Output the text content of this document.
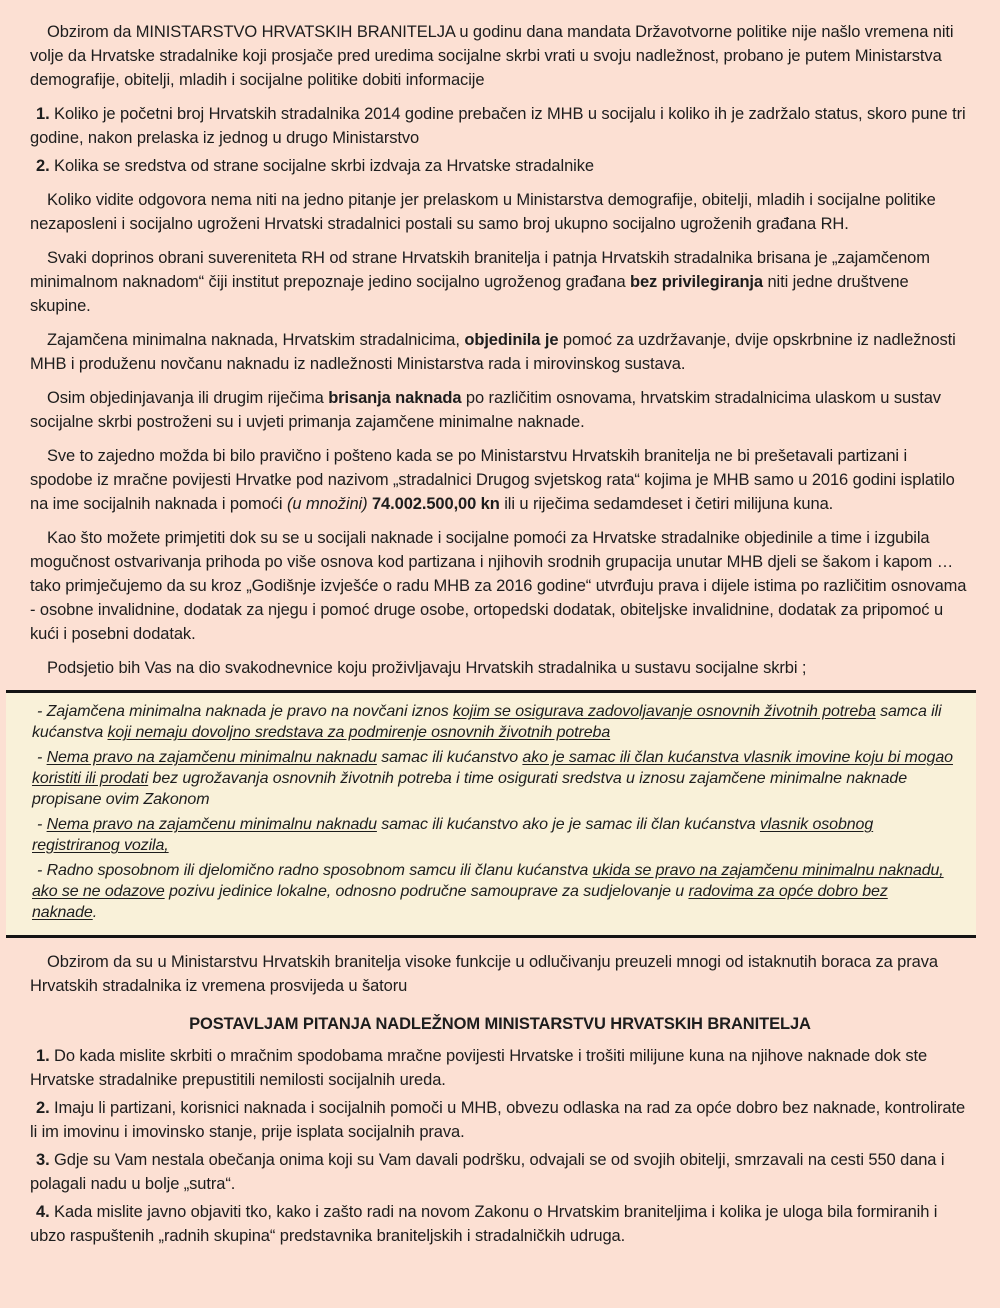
Obzirom da MINISTARSTVO HRVATSKIH BRANITELJA u godinu dana mandata Državotvorne politike nije našlo vremena niti volje da Hrvatske stradalnike koji prosjače pred uredima socijalne skrbi vrati u svoju nadležnost, probano je putem Ministarstva demografije, obitelji, mladih i socijalne politike dobiti informacije

1. Koliko je početni broj Hrvatskih stradalnika 2014 godine prebačen iz MHB u socijalu i koliko ih je zadržalo status, skoro pune tri godine, nakon prelaska iz jednog u drugo Ministarstvo

2. Kolika se sredstva od strane socijalne skrbi izdvaja za Hrvatske stradalnike

Koliko vidite odgovora nema niti na jedno pitanje jer prelaskom u Ministarstva demografije, obitelji, mladih i socijalne politike nezaposleni i socijalno ugroženi Hrvatski stradalnici postali su samo broj ukupno socijalno ugroženih građana RH.

Svaki doprinos obrani suvereniteta RH od strane Hrvatskih branitelja i patnja Hrvatskih stradalnika brisana je „zajamčenom minimalnom naknadom“ čiji institut prepoznaje jedino socijalno ugroženog građana bez privilegiranja niti jedne društvene skupine.

Zajamčena minimalna naknada, Hrvatskim stradalnicima, objedinila je pomoć za uzdržavanje, dvije opskrbnine iz nadležnosti MHB i produženu novčanu naknadu iz nadležnosti Ministarstva rada i mirovinskog sustava.

Osim objedinjavanja ili drugim riječima brisanja naknada po različitim osnovama, hrvatskim stradalnicima ulaskom u sustav socijalne skrbi postroženi su i uvjeti primanja zajamčene minimalne naknade.

Sve to zajedno možda bi bilo pravično i pošteno kada se po Ministarstvu Hrvatskih branitelja ne bi prešetavali partizani i spodobe iz mračne povijesti Hrvatke pod nazivom „stradalnici Drugog svjetskog rata“ kojima je MHB samo u 2016 godini isplatilo na ime socijalnih naknada i pomoći (u množini) 74.002.500,00 kn ili u riječima sedamdeset i četiri milijuna kuna.

Kao što možete primjetiti dok su se u socijali naknade i socijalne pomoći za Hrvatske stradalnike objedinile a time i izgubila mogučnost ostvarivanja prihoda po više osnova kod partizana i njihovih srodnih grupacija unutar MHB djeli se šakom i kapom … tako primječujemo da su kroz „Godišnje izvješće o radu MHB za 2016 godine“ utvrđuju prava i dijele istima po različitim osnovama - osobne invalidnine, dodatak za njegu i pomoć druge osobe, ortopedski dodatak, obiteljske invalidnine, dodatak za pripomoć u kući i posebni dodatak.

Podsjetio bih Vas na dio svakodnevnice koju proživljavaju Hrvatskih stradalnika u sustavu socijalne skrbi ;

- Zajamčena minimalna naknada je pravo na novčani iznos kojim se osigurava zadovoljavanje osnovnih životnih potreba samca ili kućanstva koji nemaju dovoljno sredstava za podmirenje osnovnih životnih potreba

- Nema pravo na zajamčenu minimalnu naknadu samac ili kućanstvo ako je samac ili član kućanstva vlasnik imovine koju bi mogao koristiti ili prodati bez ugrožavanja osnovnih životnih potreba i time osigurati sredstva u iznosu zajamčene minimalne naknade propisane ovim Zakonom

- Nema pravo na zajamčenu minimalnu naknadu samac ili kućanstvo ako je je samac ili član kućanstva vlasnik osobnog registriranog vozila,

- Radno sposobnom ili djelomično radno sposobnom samcu ili članu kućanstva ukida se pravo na zajamčenu minimalnu naknadu, ako se ne odazove pozivu jedinice lokalne, odnosno područne samouprave za sudjelovanje u radovima za opće dobro bez naknade.

Obzirom da su u Ministarstvu Hrvatskih branitelja visoke funkcije u odlučivanju preuzeli mnogi od istaknutih boraca za prava Hrvatskih stradalnika iz vremena prosvijeda u šatoru

POSTAVLJAM PITANJA NADLEŽNOM MINISTARSTVU HRVATSKIH BRANITELJA

1. Do kada mislite skrbiti o mračnim spodobama mračne povijesti Hrvatske i trošiti milijune kuna na njihove naknade dok ste Hrvatske stradalnike prepustitili nemilosti socijalnih ureda.

2. Imaju li partizani, korisnici naknada i socijalnih pomoči u MHB, obvezu odlaska na rad za opće dobro bez naknade, kontrolirate li im imovinu i imovinsko stanje, prije isplata socijalnih prava.

3. Gdje su Vam nestala obečanja onima koji su Vam davali podršku, odvajali se od svojih obitelji, smrzavali na cesti 550 dana i polagali nadu u bolje „sutra“.

4. Kada mislite javno objaviti tko, kako i zašto radi na novom Zakonu o Hrvatskim braniteljima i kolika je uloga bila formiranih i ubzo raspuštenih „radnih skupina“ predstavnika braniteljskih i stradalničkih udruga.
